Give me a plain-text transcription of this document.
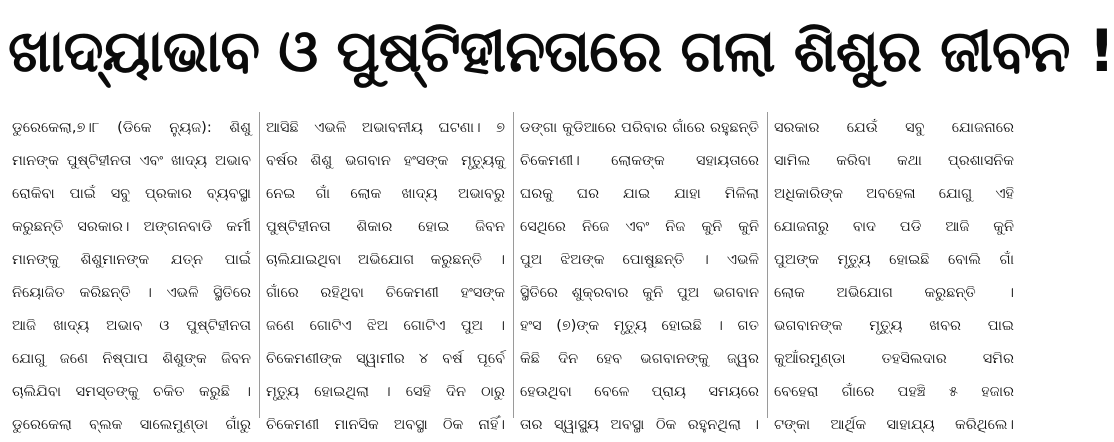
ଖାଦ୍ୟାଭାବ ଓ ପୁଷ୍ଟିହୀନତାରେ ଗଲା ଶିଶୁର ଜୀବନ !
ଡୁରେକେଲା,୭।୮ (ଡିକେ ନ୍ୟୁଜ): ଶିଶୁ
ମାନଙ୍କ ପୁଷ୍ଟିହୀନତା ଏବଂ ଖାଦ୍ୟ ଅଭାବ
ରୋକିବା ପାଇଁ ସବୁ ପ୍ରକାର ବ୍ୟବସ୍ଥା
କରୁଛନ୍ତି ସରକାର। ଅଙ୍ଗନବାଡି କର୍ମୀ
ମାନଙ୍କୁ ଶିଶୁମାନଙ୍କ ଯତ୍ନ ପାଇଁ
ନିୟୋଜିତ କରିଛନ୍ତି । ଏଭଳି ସ୍ଥିତିରେ
ଆଜି ଖାଦ୍ୟ ଅଭାବ ଓ ପୁଷ୍ଟିହୀନତା
ଯୋଗୁ ଜଣେ ନିଷ୍ପାପ ଶିଶୁଙ୍କ ଜିବନ
ଚାଲିଯିବା ସମସ୍ତଙ୍କୁ ଚକିତ କରୁଛି ।
ଡୁରେକେଲା ବ୍ଲକ ସାଲେମୁଣ୍ଡା ଗାଁରୁ
ଆସିଛି ଏଭଳି ଅଭାବନୀୟ ଘଟଣା। ୭
ବର୍ଷର ଶିଶୁ ଭଗବାନ ହଂସଙ୍କ ମୃତ୍ୟୁକୁ
ନେଇ ଗାଁ ଲୋକ ଖାଦ୍ୟ ଅଭାବରୁ
ପୁଷ୍ଟିହୀନତା ଶିକାର ହୋଇ ଜିବନ
ଚାଲିଯାଇଥିବା ଅଭିଯୋଗ କରୁଛନ୍ତି ।
ଗାଁରେ ରହିଥିବା ଚିକେମଣୀ ହଂସଙ୍କ
ଜଣେ ଗୋଟିଏ ଝିଅ ଗୋଟିଏ ପୁଅ ।
ଚିକେମଣୀଙ୍କ ସ୍ୱାମୀର ୪ ବର୍ଷ ପୂର୍ବେ
ମୃତ୍ୟୁ ହୋଇଥିଲା । ସେହି ଦିନ ଠାରୁ
ଚିକେମଣୀ ମାନସିକ ଅବସ୍ଥା ଠିକ ନାହିଁ।
ଡଙ୍ଗା କୁଡିଆରେ ପରିବାର ଗାଁରେ ରହୁଛନ୍ତି
ଚିକେମଣୀ। ଲୋକଙ୍କ ସହାୟତାରେ
ଘରକୁ ଘର ଯାଇ ଯାହା ମିଳିଲା
ସେଥିରେ ନିଜେ ଏବଂ ନିଜ କୁନି କୁନି
ପୁଅ ଝିଅଙ୍କ ପୋଷୁଛନ୍ତି । ଏଭଳି
ସ୍ଥିତିରେ ଶୁକ୍ରବାର କୁନି ପୁଅ ଭଗବାନ
ହଂସ (୭)ଙ୍କ ମୃତ୍ୟୁ ହୋଇଛି । ଗତ
କିଛି ଦିନ ହେବ ଭଗବାନଙ୍କୁ ଜ୍ୱର
ହେଉଥିବା ବେଳେ ପ୍ରାୟ ସମୟରେ
ତାର ସ୍ୱାସ୍ଥ୍ୟ ଅବସ୍ଥା ଠିକ ରହୁନଥିଲା ।
ସରକାର ଯେଉଁ ସବୁ ଯୋଜନାରେ
ସାମିଲ କରିବା କଥା ପ୍ରଶାସନିକ
ଅଧିକାରିଙ୍କ ଅବହେଳା ଯୋଗୁ ଏହି
ଯୋଜନାରୁ ବାଦ ପଡି ଆଜି କୁନି
ପୁଅଙ୍କ ମୃତ୍ୟୁ ହୋଇଛି ବୋଲି ଗାଁ
ଲୋକ ଅଭିଯୋଗ କରୁଛନ୍ତି ।
ଭଗବାନଙ୍କ ମୃତ୍ୟୁ ଖବର ପାଇ
କୁଆଁରମୁଣ୍ଡା ତହସିଲଦାର ସମିର
ବେହେରା ଗାଁରେ ପହଞ୍ଚି ୫ ହଜାର
ଟଙ୍କା ଆର୍ଥିକ ସାହାଯ୍ୟ କରିଥିଲେ।
